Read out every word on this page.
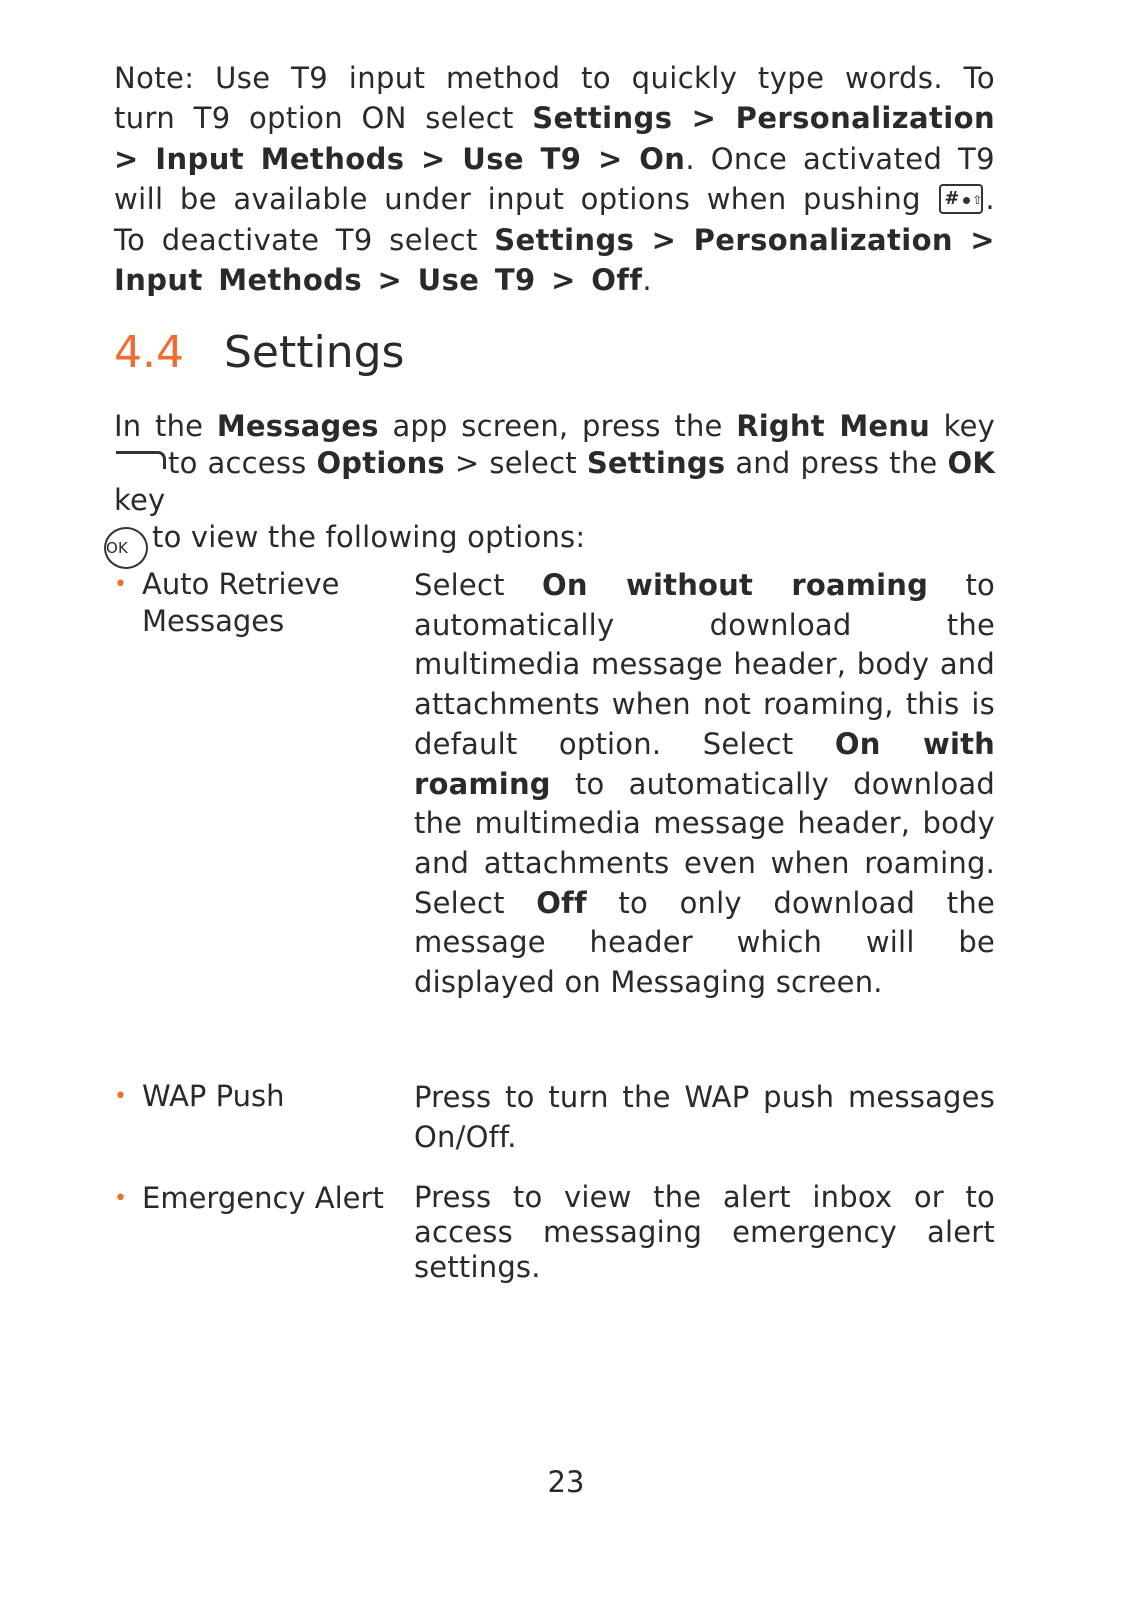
Note: Use T9 input method to quickly type words. To turn T9 option ON select Settings > Personalization > Input Methods > Use T9 > On. Once activated T9 will be available under input options when pushing # ⇧ . To deactivate T9 select Settings > Personalization > Input Methods > Use T9 > Off.

4.4 Settings

In the Messages app screen, press the Right Menu keyto access Options > select Settings and press the OK key
OK to view the following options:

• Auto Retrieve Messages
Select On without roaming to automatically download the multimedia message header, body and attachments when not roaming, this is default option. Select On with roaming to automatically download the multimedia message header, body and attachments even when roaming. Select Off to only download the message header which will be displayed on Messaging screen.
• WAP Push	Press to turn the WAP push messages On/Off.
• Emergency Alert	Press to view the alert inbox or to access messaging emergency alert settings.
23
